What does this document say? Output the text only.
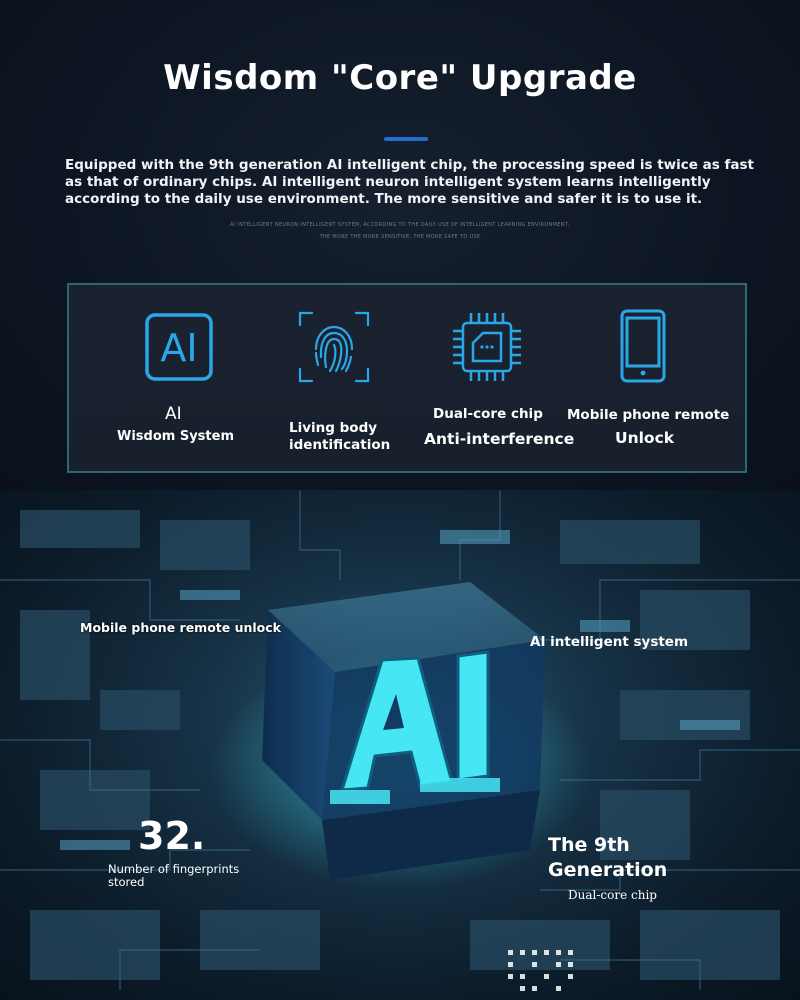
Wisdom "Core" Upgrade
Equipped with the 9th generation AI intelligent chip, the processing speed is twice as fast as that of ordinary chips. AI intelligent neuron intelligent system learns intelligently according to the daily use environment. The more sensitive and safer it is to use it.
AI INTELLIGENT NEURON INTELLIGENT SYSTEM, ACCORDING TO THE DAILY USE OF INTELLIGENT LEARNING ENVIRONMENT,
THE MORE THE MORE SENSITIVE, THE MORE SAFE TO USE
AI
AI
Wisdom System
Living body
identification
Dual-core chip
Anti-interference
Mobile phone remote
Unlock
Mobile phone remote unlock
AI intelligent system
32.
Number of fingerprints stored
The 9th
Generation
Dual-core chip
